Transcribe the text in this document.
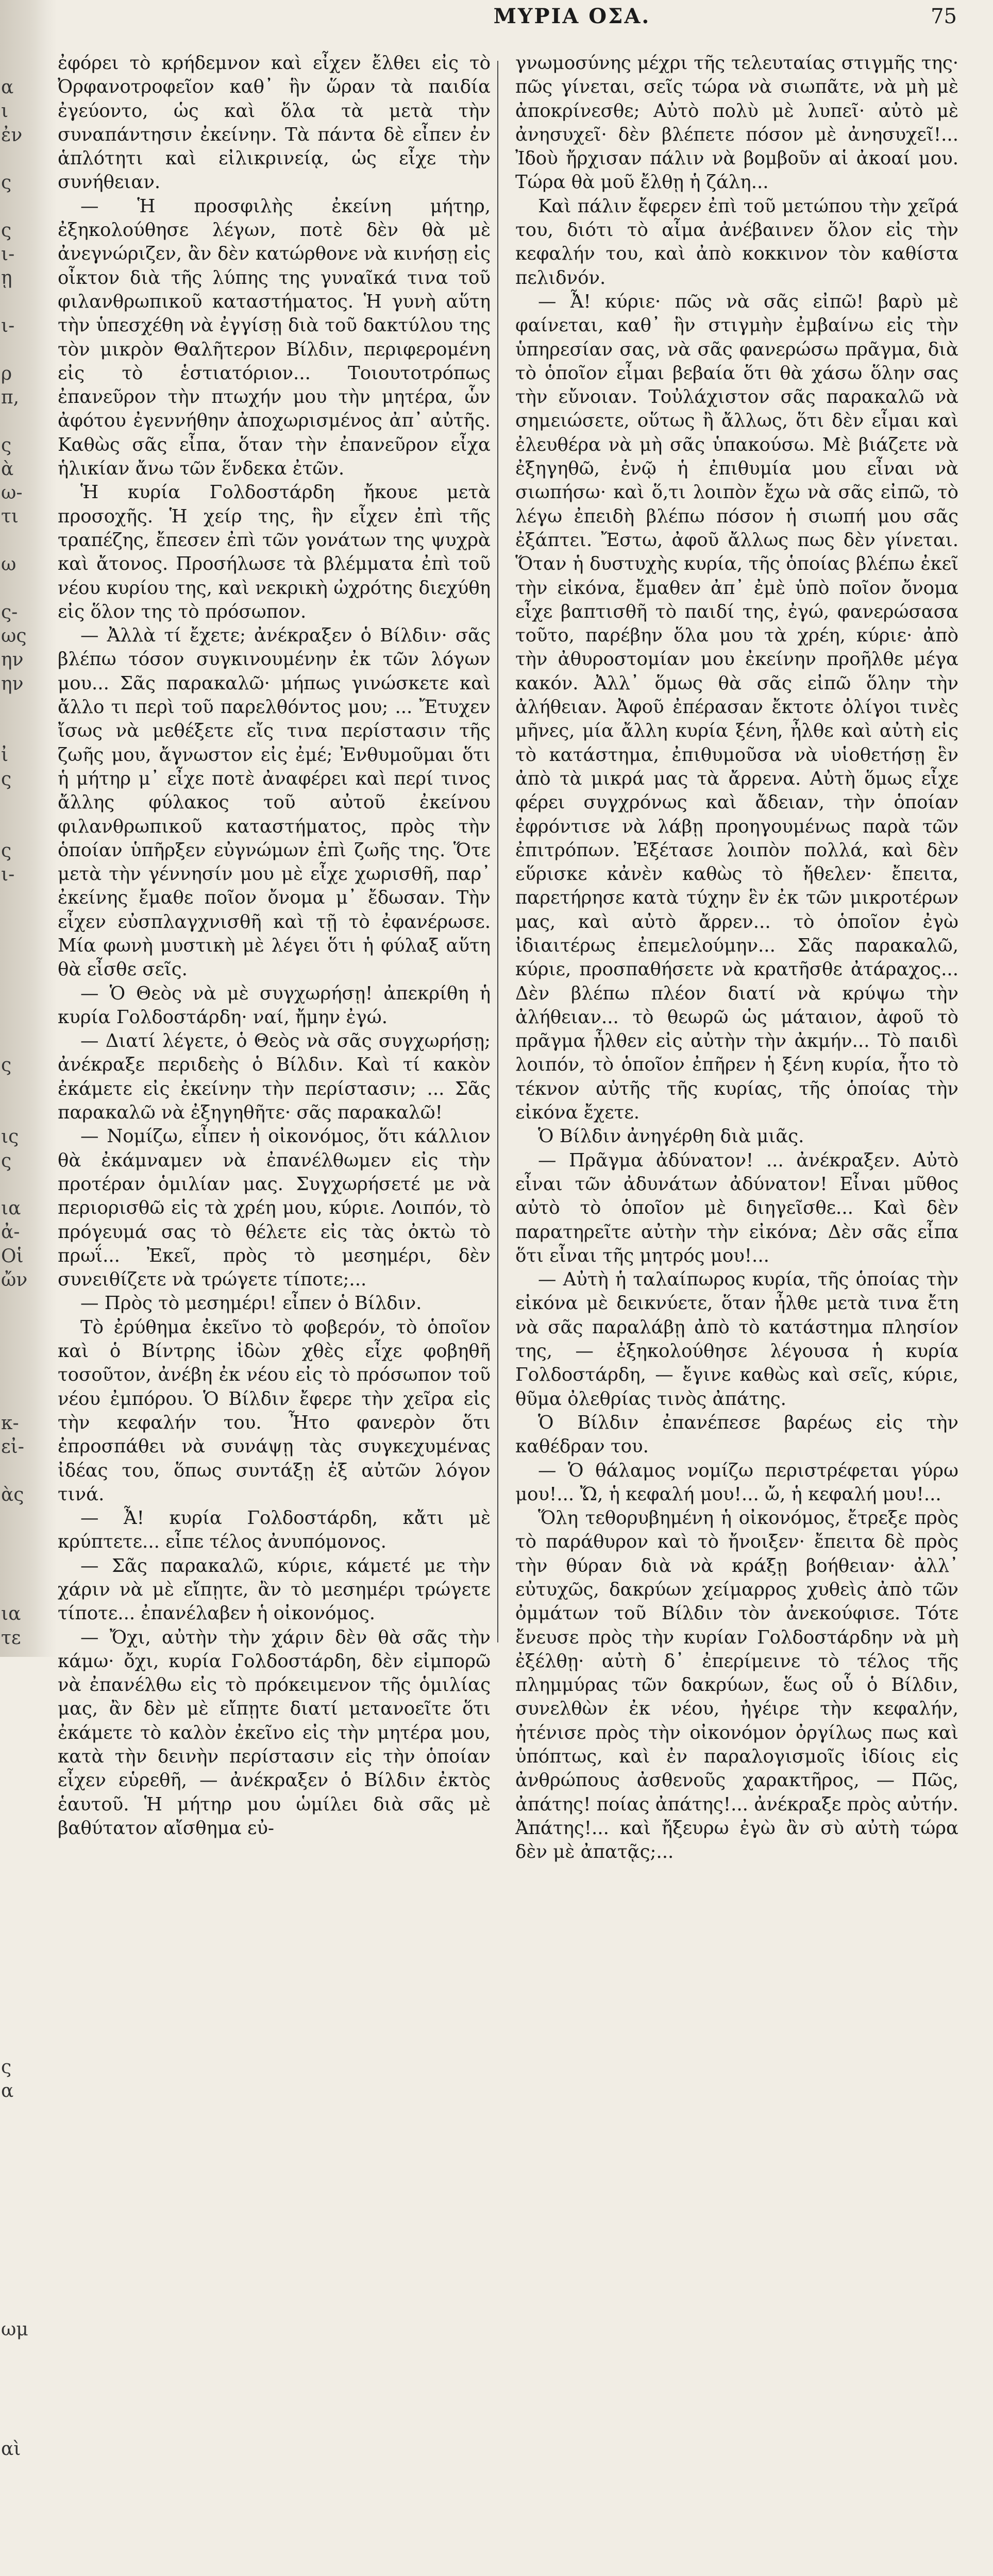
α
ι
ἐν
ς
ς
ι-
ῃ
ι-
ρ
π,
ς
ὰ
ω-
τι
ω
ς-
ως
ην
ην
ἰ
ς
ς
ι-
ς
ις
ς
ια
ἀ-
Οἱ
ὤν
κ-
εἰ-
ὰς
ια
τε
ς
α
ωμ
αὶ
ΜΥΡΙΑ ΟΣΑ.	75

ἐφόρει τὸ κρήδεμνον καὶ εἶχεν ἔλθει εἰς τὸ Ὀρφανοτροφεῖον καθ᾿ ἣν ὥραν τὰ παιδία ἐγεύοντο, ὡς καὶ ὅλα τὰ μετὰ τὴν συναπάντησιν ἐκείνην. Τὰ πάντα δὲ εἶπεν ἐν ἁπλότητι καὶ εἰλικρινείᾳ, ὡς εἶχε τὴν συνήθειαν.

— Ἡ προσφιλὴς ἐκείνη μήτηρ, ἐξηκολούθησε λέγων, ποτὲ δὲν θὰ μὲ ἀνεγνώριζεν, ἂν δὲν κατώρθονε νὰ κινήσῃ εἰς οἶκτον διὰ τῆς λύπης της γυναῖκά τινα τοῦ φιλανθρωπικοῦ καταστήματος. Ἡ γυνὴ αὕτη τὴν ὑπεσχέθη νὰ ἐγγίσῃ διὰ τοῦ δακτύλου της τὸν μικρὸν Θαλῆτερον Βίλδιν, περιφερομένη εἰς τὸ ἑστιατόριον... Τοιουτοτρόπως ἐπανεῦρον τὴν πτωχήν μου τὴν μητέρα, ὧν ἀφότου ἐγεννήθην ἀποχωρισμένος ἀπ᾿ αὐτῆς. Καθὼς σᾶς εἶπα, ὅταν τὴν ἐπανεῦρον εἶχα ἡλικίαν ἄνω τῶν ἕνδεκα ἐτῶν.

Ἡ κυρία Γολδοστάρδη ἤκουε μετὰ προσοχῆς. Ἡ χείρ της, ἣν εἶχεν ἐπὶ τῆς τραπέζης, ἔπεσεν ἐπὶ τῶν γονάτων της ψυχρὰ καὶ ἄτονος. Προσήλωσε τὰ βλέμματα ἐπὶ τοῦ νέου κυρίου της, καὶ νεκρικὴ ὠχρότης διεχύθη εἰς ὅλον της τὸ πρόσωπον.

— Ἀλλὰ τί ἔχετε; ἀνέκραξεν ὁ Βίλδιν· σᾶς βλέπω τόσον συγκινουμένην ἐκ τῶν λόγων μου... Σᾶς παρακαλῶ· μήπως γινώσκετε καὶ ἄλλο τι περὶ τοῦ παρελθόντος μου; ... Ἔτυχεν ἴσως νὰ μεθέξετε εἴς τινα περίστασιν τῆς ζωῆς μου, ἄγνωστον εἰς ἐμέ; Ἐνθυμοῦμαι ὅτι ἡ μήτηρ μ᾿ εἶχε ποτὲ ἀναφέρει καὶ περί τινος ἄλλης φύλακος τοῦ αὐτοῦ ἐκείνου φιλανθρωπικοῦ καταστήματος, πρὸς τὴν ὁποίαν ὑπῆρξεν εὐγνώμων ἐπὶ ζωῆς της. Ὅτε μετὰ τὴν γέννησίν μου μὲ εἶχε χωρισθῆ, παρ᾿ ἐκείνης ἔμαθε ποῖον ὄνομα μ᾿ ἔδωσαν. Τὴν εἶχεν εὐσπλαγχνισθῆ καὶ τῇ τὸ ἐφανέρωσε. Μία φωνὴ μυστικὴ μὲ λέγει ὅτι ἡ φύλαξ αὕτη θὰ εἶσθε σεῖς.

— Ὁ Θεὸς νὰ μὲ συγχωρήσῃ! ἀπεκρίθη ἡ κυρία Γολδοστάρδη· ναί, ἤμην ἐγώ.

— Διατί λέγετε, ὁ Θεὸς νὰ σᾶς συγχωρήσῃ; ἀνέκραξε περιδεὴς ὁ Βίλδιν. Καὶ τί κακὸν ἐκάμετε εἰς ἐκείνην τὴν περίστασιν; ... Σᾶς παρακαλῶ νὰ ἐξηγηθῆτε· σᾶς παρακαλῶ!

— Νομίζω, εἶπεν ἡ οἰκονόμος, ὅτι κάλλιον θὰ ἐκάμναμεν νὰ ἐπανέλθωμεν εἰς τὴν προτέραν ὁμιλίαν μας. Συγχωρήσετέ με νὰ περιορισθῶ εἰς τὰ χρέη μου, κύριε. Λοιπόν, τὸ πρόγευμά σας τὸ θέλετε εἰς τὰς ὀκτὼ τὸ πρωΐ... Ἐκεῖ, πρὸς τὸ μεσημέρι, δὲν συνειθίζετε νὰ τρώγετε τίποτε;...

— Πρὸς τὸ μεσημέρι! εἶπεν ὁ Βίλδιν.

Τὸ ἐρύθημα ἐκεῖνο τὸ φοβερόν, τὸ ὁποῖον καὶ ὁ Βίντρης ἰδὼν χθὲς εἶχε φοβηθῆ τοσοῦτον, ἀνέβη ἐκ νέου εἰς τὸ πρόσωπον τοῦ νέου ἐμπόρου. Ὁ Βίλδιν ἔφερε τὴν χεῖρα εἰς τὴν κεφαλήν του. Ἦτο φανερὸν ὅτι ἐπροσπάθει νὰ συνάψῃ τὰς συγκεχυμένας ἰδέας του, ὅπως συντάξῃ ἐξ αὐτῶν λόγον τινά.

— Ἆ! κυρία Γολδοστάρδη, κἄτι μὲ κρύπτετε... εἶπε τέλος ἀνυπόμονος.

— Σᾶς παρακαλῶ, κύριε, κάμετέ με τὴν χάριν νὰ μὲ εἴπῃτε, ἂν τὸ μεσημέρι τρώγετε τίποτε... ἐπανέλαβεν ἡ οἰκονόμος.

— Ὄχι, αὐτὴν τὴν χάριν δὲν θὰ σᾶς τὴν κάμω· ὄχι, κυρία Γολδοστάρδη, δὲν εἰμπορῶ νὰ ἐπανέλθω εἰς τὸ πρόκειμενον τῆς ὁμιλίας μας, ἂν δὲν μὲ εἴπῃτε διατί μετανοεῖτε ὅτι ἐκάμετε τὸ καλὸν ἐκεῖνο εἰς τὴν μητέρα μου, κατὰ τὴν δεινὴν περίστασιν εἰς τὴν ὁποίαν εἶχεν εὑρεθῆ, — ἀνέκραξεν ὁ Βίλδιν ἐκτὸς ἑαυτοῦ. Ἡ μήτηρ μου ὡμίλει διὰ σᾶς μὲ βαθύτατον αἴσθημα εὐ-

γνωμοσύνης μέχρι τῆς τελευταίας στιγμῆς της· πῶς γίνεται, σεῖς τώρα νὰ σιωπᾶτε, νὰ μὴ μὲ ἀποκρίνεσθε; Αὐτὸ πολὺ μὲ λυπεῖ· αὐτὸ μὲ ἀνησυχεῖ· δὲν βλέπετε πόσον μὲ ἀνησυχεῖ!... Ἰδοὺ ἤρχισαν πάλιν νὰ βομβοῦν αἱ ἀκοαί μου. Τώρα θὰ μοῦ ἔλθῃ ἡ ζάλη...

Καὶ πάλιν ἔφερεν ἐπὶ τοῦ μετώπου τὴν χεῖρά του, διότι τὸ αἷμα ἀνέβαινεν ὅλον εἰς τὴν κεφαλήν του, καὶ ἀπὸ κοκκινον τὸν καθίστα πελιδνόν.

— Ἆ! κύριε· πῶς νὰ σᾶς εἰπῶ! βαρὺ μὲ φαίνεται, καθ᾿ ἣν στιγμὴν ἐμβαίνω εἰς τὴν ὑπηρεσίαν σας, νὰ σᾶς φανερώσω πρᾶγμα, διὰ τὸ ὁποῖον εἶμαι βεβαία ὅτι θὰ χάσω ὅλην σας τὴν εὔνοιαν. Τοὐλάχιστον σᾶς παρακαλῶ νὰ σημειώσετε, οὕτως ἢ ἄλλως, ὅτι δὲν εἶμαι καὶ ἐλευθέρα νὰ μὴ σᾶς ὑπακούσω. Μὲ βιάζετε νὰ ἐξηγηθῶ, ἐνῷ ἡ ἐπιθυμία μου εἶναι νὰ σιωπήσω· καὶ ὅ,τι λοιπὸν ἔχω νὰ σᾶς εἰπῶ, τὸ λέγω ἐπειδὴ βλέπω πόσον ἡ σιωπή μου σᾶς ἐξάπτει. Ἔστω, ἀφοῦ ἄλλως πως δὲν γίνεται. Ὅταν ἡ δυστυχὴς κυρία, τῆς ὁποίας βλέπω ἐκεῖ τὴν εἰκόνα, ἔμαθεν ἀπ᾿ ἐμὲ ὑπὸ ποῖον ὄνομα εἶχε βαπτισθῆ τὸ παιδί της, ἐγώ, φανερώσασα τοῦτο, παρέβην ὅλα μου τὰ χρέη, κύριε· ἀπὸ τὴν ἀθυροστομίαν μου ἐκείνην προῆλθε μέγα κακόν. Ἀλλ᾿ ὅμως θὰ σᾶς εἰπῶ ὅλην τὴν ἀλήθειαν. Ἀφοῦ ἐπέρασαν ἔκτοτε ὀλίγοι τινὲς μῆνες, μία ἄλλη κυρία ξένη, ἦλθε καὶ αὐτὴ εἰς τὸ κατάστημα, ἐπιθυμοῦσα νὰ υἱοθετήσῃ ἓν ἀπὸ τὰ μικρά μας τὰ ἄρρενα. Αὐτὴ ὅμως εἶχε φέρει συγχρόνως καὶ ἄδειαν, τὴν ὁποίαν ἐφρόντισε νὰ λάβῃ προηγουμένως παρὰ τῶν ἐπιτρόπων. Ἐξέτασε λοιπὸν πολλά, καὶ δὲν εὕρισκε κἀνὲν καθὼς τὸ ἤθελεν· ἔπειτα, παρετήρησε κατὰ τύχην ἓν ἐκ τῶν μικροτέρων μας, καὶ αὐτὸ ἄρρεν... τὸ ὁποῖον ἐγὼ ἰδιαιτέρως ἐπεμελούμην... Σᾶς παρακαλῶ, κύριε, προσπαθήσετε νὰ κρατῆσθε ἀτάραχος... Δὲν βλέπω πλέον διατί νὰ κρύψω τὴν ἀλήθειαν... τὸ θεωρῶ ὡς μάταιον, ἀφοῦ τὸ πρᾶγμα ἦλθεν εἰς αὐτὴν τὴν ἀκμήν... Τὸ παιδὶ λοιπόν, τὸ ὁποῖον ἐπῆρεν ἡ ξένη κυρία, ἦτο τὸ τέκνον αὐτῆς τῆς κυρίας, τῆς ὁποίας τὴν εἰκόνα ἔχετε.

Ὁ Βίλδιν ἀνηγέρθη διὰ μιᾶς.

— Πρᾶγμα ἀδύνατον! ... ἀνέκραξεν. Αὐτὸ εἶναι τῶν ἀδυνάτων ἀδύνατον! Εἶναι μῦθος αὐτὸ τὸ ὁποῖον μὲ διηγεῖσθε... Καὶ δὲν παρατηρεῖτε αὐτὴν τὴν εἰκόνα; Δὲν σᾶς εἶπα ὅτι εἶναι τῆς μητρός μου!...

— Αὐτὴ ἡ ταλαίπωρος κυρία, τῆς ὁποίας τὴν εἰκόνα μὲ δεικνύετε, ὅταν ἦλθε μετὰ τινα ἔτη νὰ σᾶς παραλάβῃ ἀπὸ τὸ κατάστημα πλησίον της, — ἐξηκολούθησε λέγουσα ἡ κυρία Γολδοστάρδη, — ἔγινε καθὼς καὶ σεῖς, κύριε, θῦμα ὀλεθρίας τινὸς ἀπάτης.

Ὁ Βίλδιν ἐπανέπεσε βαρέως εἰς τὴν καθέδραν του.

— Ὁ θάλαμος νομίζω περιστρέφεται γύρω μου!... Ὤ, ἡ κεφαλή μου!... ὤ, ἡ κεφαλή μου!...

Ὅλη τεθορυβημένη ἡ οἰκονόμος, ἔτρεξε πρὸς τὸ παράθυρον καὶ τὸ ἤνοιξεν· ἔπειτα δὲ πρὸς τὴν θύραν διὰ νὰ κράξῃ βοήθειαν· ἀλλ᾿ εὐτυχῶς, δακρύων χείμαρρος χυθεὶς ἀπὸ τῶν ὀμμάτων τοῦ Βίλδιν τὸν ἀνεκούφισε. Τότε ἔνευσε πρὸς τὴν κυρίαν Γολδοστάρδην νὰ μὴ ἐξέλθῃ· αὐτὴ δ᾿ ἐπερίμεινε τὸ τέλος τῆς πλημμύρας τῶν δακρύων, ἕως οὗ ὁ Βίλδιν, συνελθὼν ἐκ νέου, ἠγέιρε τὴν κεφαλήν, ἠτένισε πρὸς τὴν οἰκονόμον ὀργίλως πως καὶ ὑπόπτως, καὶ ἐν παραλογισμοῖς ἰδίοις εἰς ἀνθρώπους ἀσθενοῦς χαρακτῆρος, — Πῶς, ἀπάτης! ποίας ἀπάτης!... ἀνέκραξε πρὸς αὐτήν. Ἀπάτης!... καὶ ἤξευρω ἐγὼ ἂν σὺ αὐτὴ τώρα δὲν μὲ ἀπατᾷς;...
